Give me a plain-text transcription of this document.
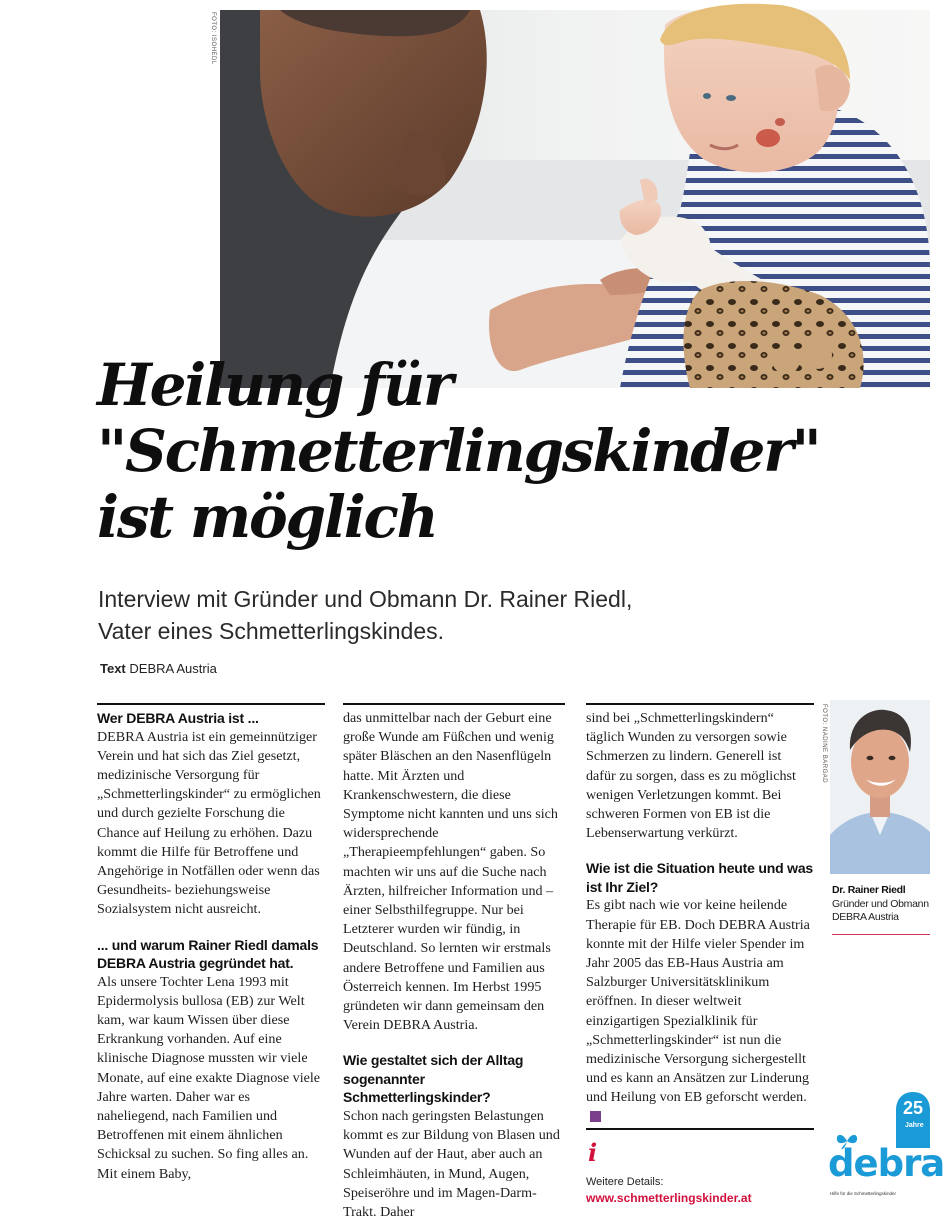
FOTO: ISOHEDL
Heilung für
"Schmetterlingskinder"
ist möglich
Interview mit Gründer und Obmann Dr. Rainer Riedl,
Vater eines Schmetterlingskindes.
Text DEBRA Austria
Wer DEBRA Austria ist ...

DEBRA Austria ist ein gemeinnütziger Verein und hat sich das Ziel gesetzt, medizinische Versorgung für „Schmetterlingskinder“ zu ermöglichen und durch gezielte Forschung die Chance auf Heilung zu erhöhen. Dazu kommt die Hilfe für Betroffene und Angehörige in Notfällen oder wenn das Gesundheits- beziehungsweise Sozialsystem nicht ausreicht.

... und warum Rainer Riedl damals DEBRA Austria gegründet hat.

Als unsere Tochter Lena 1993 mit Epidermolysis bullosa (EB) zur Welt kam, war kaum Wissen über diese Erkrankung vorhanden. Auf eine klinische Diagnose mussten wir viele Monate, auf eine exakte Diagnose viele Jahre warten. Daher war es naheliegend, nach Familien und Betroffenen mit einem ähnlichen Schicksal zu suchen. So fing alles an. Mit einem Baby,

das unmittelbar nach der Geburt eine große Wunde am Füßchen und wenig später Bläschen an den Nasenflügeln hatte. Mit Ärzten und Krankenschwestern, die diese Symptome nicht kannten und uns sich widersprechende „Therapieempfehlungen“ gaben. So machten wir uns auf die Suche nach Ärzten, hilfreicher Information und – einer Selbsthilfegruppe. Nur bei Letzterer wurden wir fündig, in Deutschland. So lernten wir erstmals andere Betroffene und Familien aus Österreich kennen. Im Herbst 1995 gründeten wir dann gemeinsam den Verein DEBRA Austria.

Wie gestaltet sich der Alltag sogenannter Schmetterlingskinder?

Schon nach geringsten Belastungen kommt es zur Bildung von Blasen und Wunden auf der Haut, aber auch an Schleimhäuten, in Mund, Augen, Speiseröhre und im Magen-Darm-Trakt. Daher

sind bei „Schmetterlingskindern“ täglich Wunden zu versorgen sowie Schmerzen zu lindern. Generell ist dafür zu sorgen, dass es zu möglichst wenigen Verletzungen kommt. Bei schweren Formen von EB ist die Lebenserwartung verkürzt.

Wie ist die Situation heute und was ist Ihr Ziel?

Es gibt nach wie vor keine heilende Therapie für EB. Doch DEBRA Austria konnte mit der Hilfe vieler Spender im Jahr 2005 das EB-Haus Austria am Salzburger Universitätsklinikum eröffnen. In dieser weltweit einzigartigen Spezialklinik für „Schmetterlingskinder“ ist nun die medizinische Versorgung sichergestellt und es kann an Ansätzen zur Linderung und Heilung von EB geforscht werden.

i
Weitere Details:
www.schmetterlingskinder.at
FOTO: NADINE BARGAD
Dr. Rainer Riedl
Gründer und Obmann DEBRA Austria
25
Jahre
debra
Hilfe für die Schmetterlingskinder
